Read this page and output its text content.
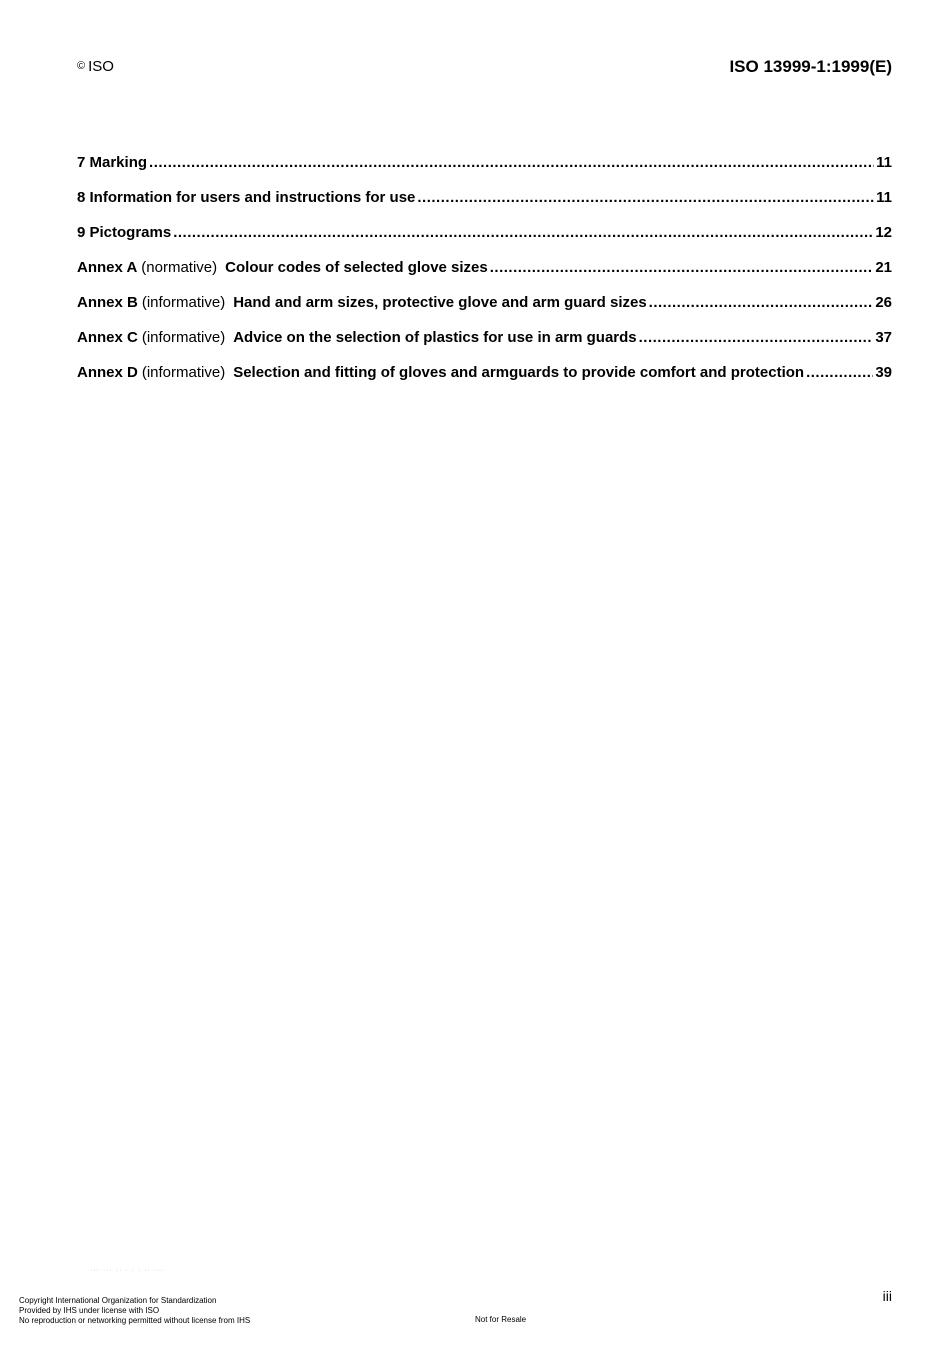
© ISO	ISO 13999-1:1999(E)
7 Marking .....	11
8 Information for users and instructions for use .....	11
9 Pictograms .....	12
Annex A (normative) Colour codes of selected glove sizes .....	21
Annex B (informative) Hand and arm sizes, protective glove and arm guard sizes .....	26
Annex C (informative) Advice on the selection of plastics for use in arm guards .....	37
Annex D (informative) Selection and fitting of gloves and armguards to provide comfort and protection .....	39
··· ··· ·· · · · ·· ···
iii
Copyright International Organization for Standardization
Provided by IHS under license with ISO
No reproduction or networking permitted without license from IHS	Not for Resale
